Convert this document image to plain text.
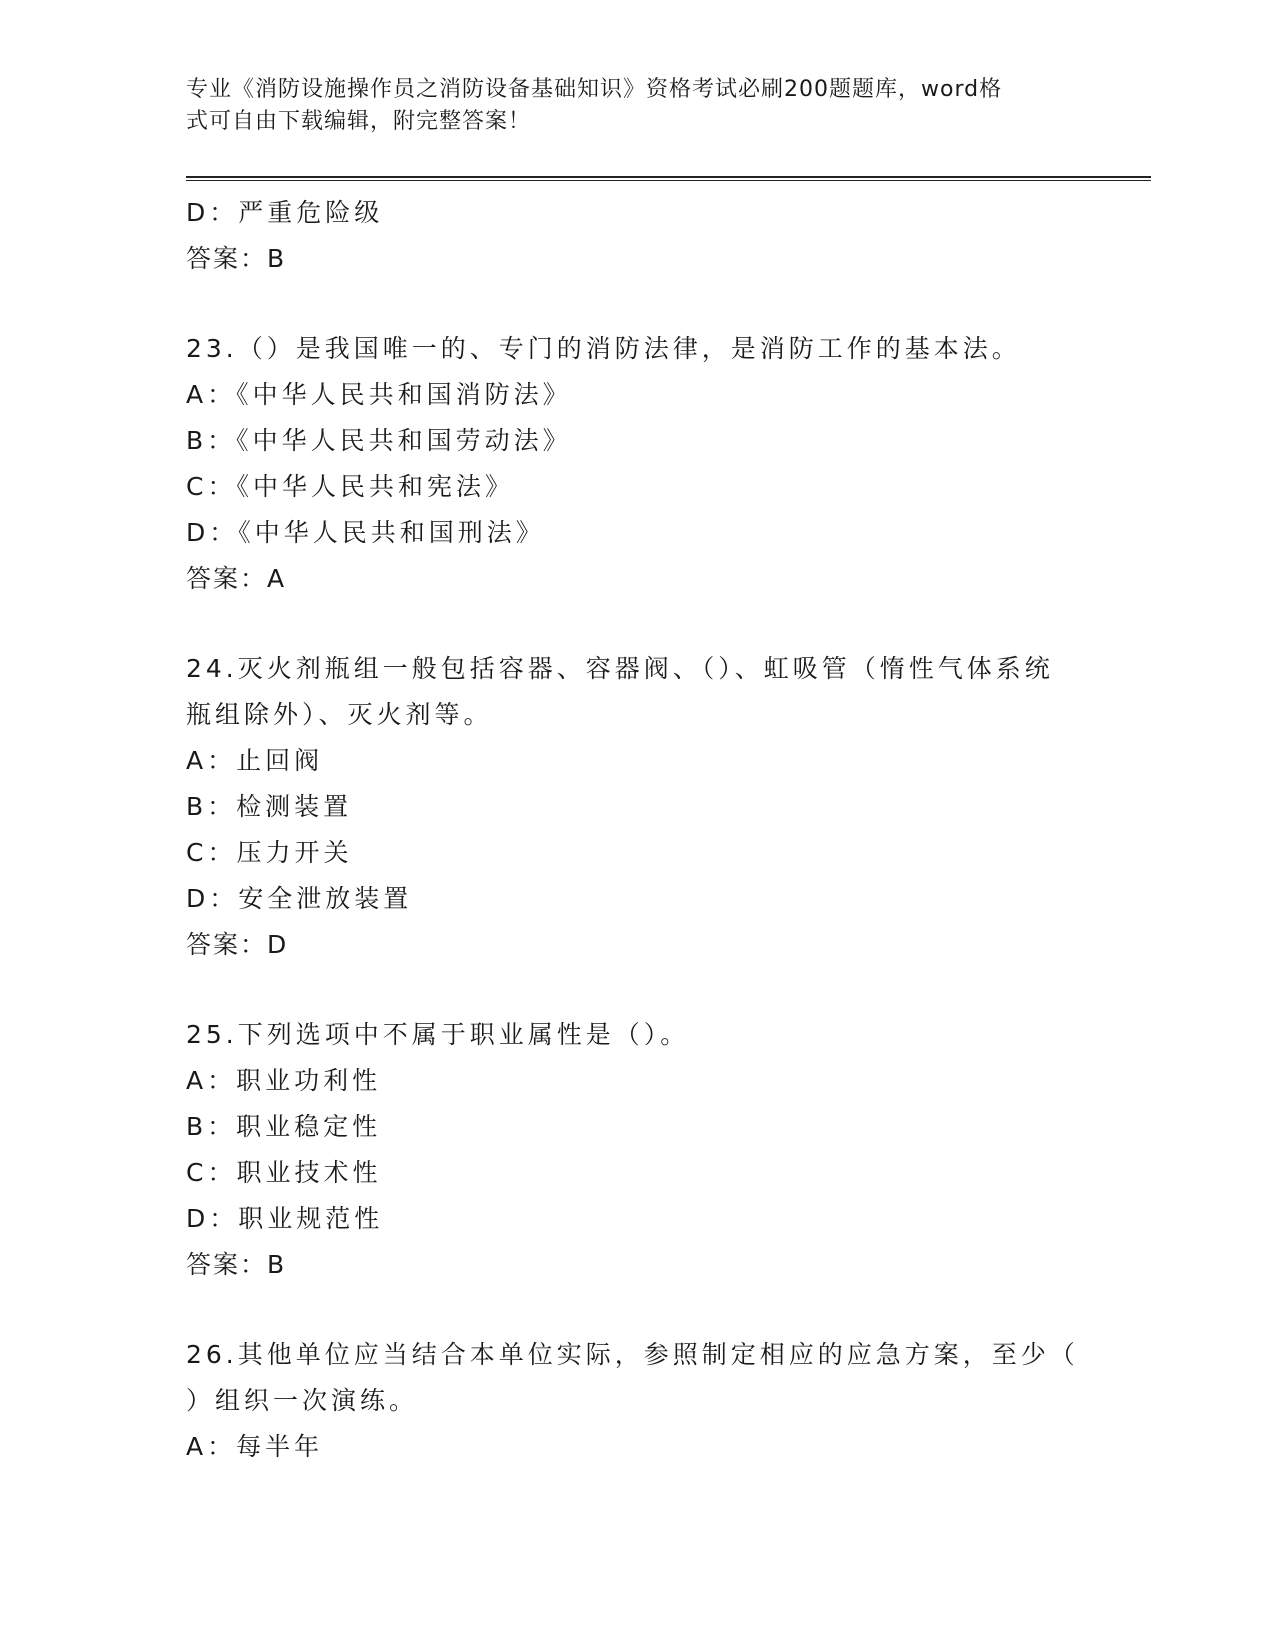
专业《消防设施操作员之消防设备基础知识》资格考试必刷200题题库，word格
式可自由下载编辑，附完整答案！
D：严重危险级
答案：B
23.（）是我国唯一的、专门的消防法律，是消防工作的基本法。
A：《中华人民共和国消防法》
B：《中华人民共和国劳动法》
C：《中华人民共和宪法》
D：《中华人民共和国刑法》
答案：A
24.灭火剂瓶组一般包括容器、容器阀、（）、虹吸管（惰性气体系统
瓶组除外）、灭火剂等。
A：止回阀
B：检测装置
C：压力开关
D：安全泄放装置
答案：D
25.下列选项中不属于职业属性是（）。
A：职业功利性
B：职业稳定性
C：职业技术性
D：职业规范性
答案：B
26.其他单位应当结合本单位实际，参照制定相应的应急方案，至少（
）组织一次演练。
A：每半年
